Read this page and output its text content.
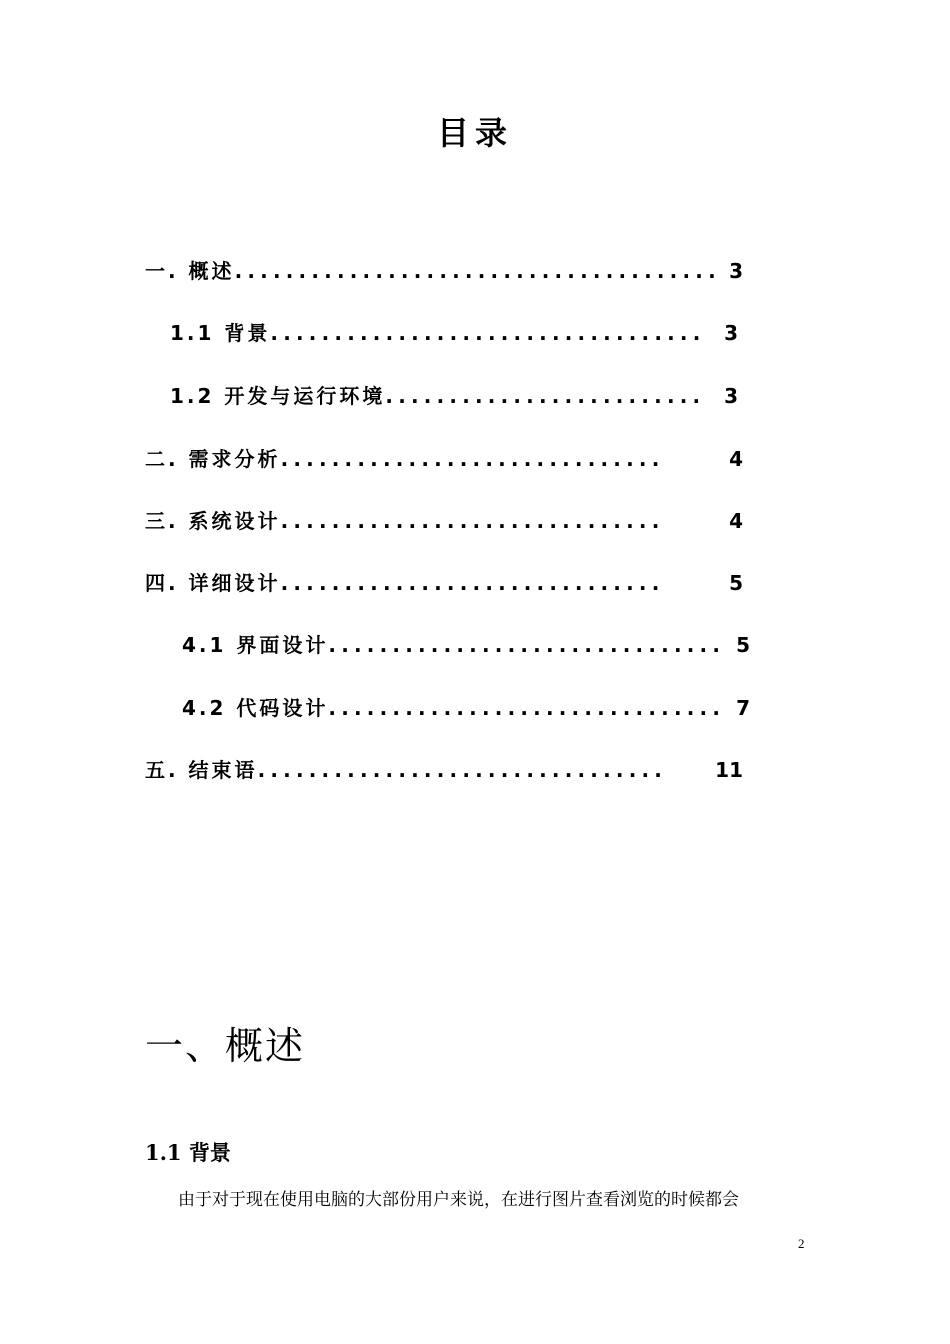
目录
一. 概述 ...................................... 3
1.1 背景 .................................. 3
1.2 开发与运行环境 ......................... 3
二. 需求分析 ..............................	4
三. 系统设计 ..............................	4
四. 详细设计 ..............................	5
4.1 界面设计 ............................... 5
4.2 代码设计 ............................... 7
五. 结束语 ................................	11
一、概述
1.1 背景
由于对于现在使用电脑的大部份用户来说，在进行图片查看浏览的时候都会
2
